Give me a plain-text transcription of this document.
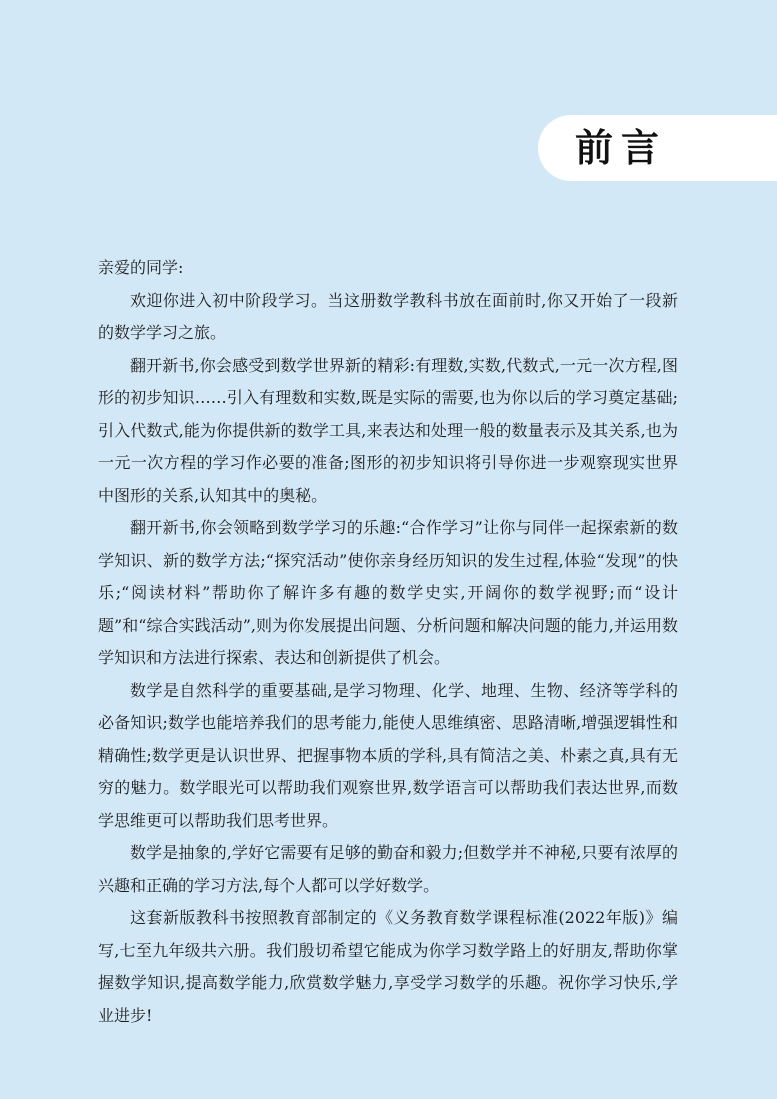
前言

亲爱的同学:

欢迎你进入初中阶段学习。当这册数学教科书放在面前时,你又开始了一段新的数学学习之旅。

翻开新书,你会感受到数学世界新的精彩:有理数,实数,代数式,一元一次方程,图形的初步知识……引入有理数和实数,既是实际的需要,也为你以后的学习奠定基础;引入代数式,能为你提供新的数学工具,来表达和处理一般的数量表示及其关系,也为一元一次方程的学习作必要的准备;图形的初步知识将引导你进一步观察现实世界中图形的关系,认知其中的奥秘。

翻开新书,你会领略到数学学习的乐趣:“合作学习”让你与同伴一起探索新的数学知识、新的数学方法;“探究活动”使你亲身经历知识的发生过程,体验“发现”的快乐;“阅读材料”帮助你了解许多有趣的数学史实,开阔你的数学视野;而“设计题”和“综合实践活动”,则为你发展提出问题、分析问题和解决问题的能力,并运用数学知识和方法进行探索、表达和创新提供了机会。

数学是自然科学的重要基础,是学习物理、化学、地理、生物、经济等学科的必备知识;数学也能培养我们的思考能力,能使人思维缜密、思路清晰,增强逻辑性和精确性;数学更是认识世界、把握事物本质的学科,具有简洁之美、朴素之真,具有无穷的魅力。数学眼光可以帮助我们观察世界,数学语言可以帮助我们表达世界,而数学思维更可以帮助我们思考世界。

数学是抽象的,学好它需要有足够的勤奋和毅力;但数学并不神秘,只要有浓厚的兴趣和正确的学习方法,每个人都可以学好数学。

这套新版教科书按照教育部制定的《义务教育数学课程标准(2022年版)》编写,七至九年级共六册。我们殷切希望它能成为你学习数学路上的好朋友,帮助你掌握数学知识,提高数学能力,欣赏数学魅力,享受学习数学的乐趣。祝你学习快乐,学业进步!
